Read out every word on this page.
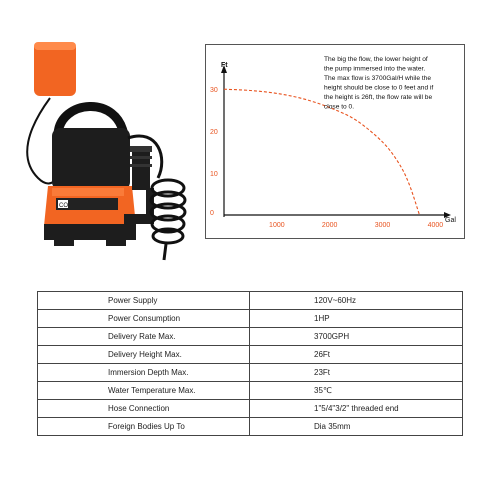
CO
Ft
Gal
0
10
20
30
1000	2000	3000	4000
The big the flow, the lower height of
the pump immersed into the water.
The max flow is 3700Gal/H while the
height should be close to 0 feet and if
the height is 26ft, the flow rate will be
close to 0.
Power Supply	120V~60Hz
Power Consumption	1HP
Delivery Rate Max.	3700GPH
Delivery Height Max.	26Ft
Immersion Depth Max.	23Ft
Water Temperature Max.	35℃
Hose Connection	1"5/4"3/2" threaded end
Foreign Bodies Up To	Dia 35mm
